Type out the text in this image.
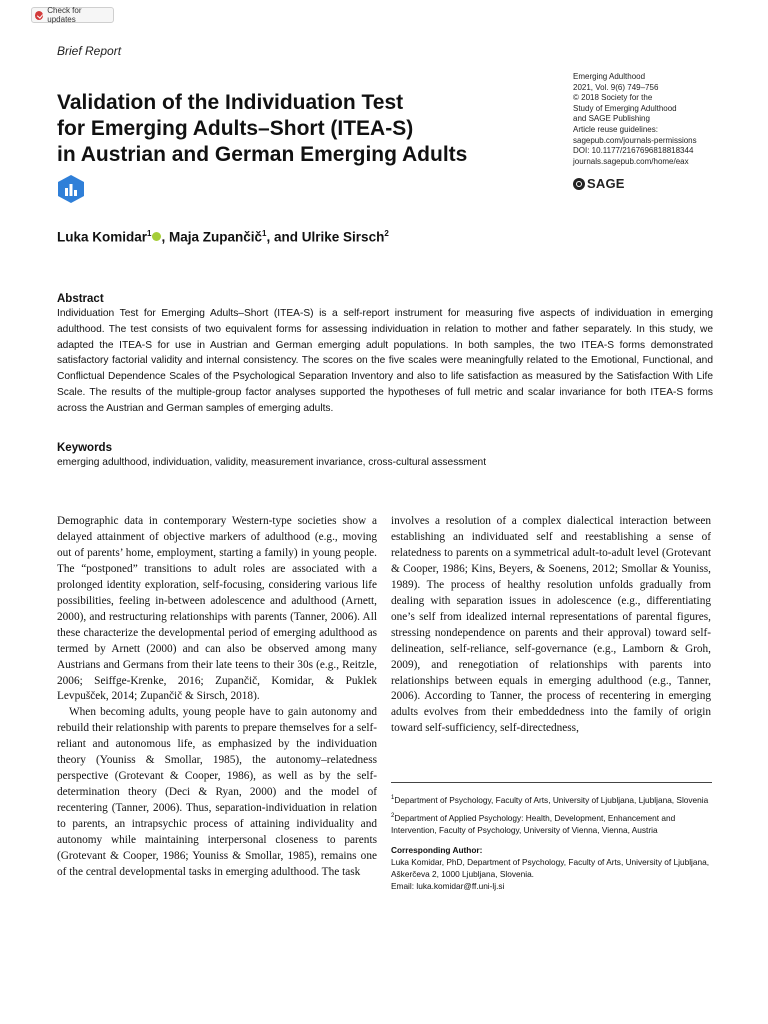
Check for updates
Brief Report
Validation of the Individuation Test
for Emerging Adults–Short (ITEA-S)
in Austrian and German Emerging Adults
Emerging Adulthood
2021, Vol. 9(6) 749–756
© 2018 Society for the
Study of Emerging Adulthood
and SAGE Publishing
Article reuse guidelines:
sagepub.com/journals-permissions
DOI: 10.1177/2167696818818344
journals.sagepub.com/home/eax
SAGE
Luka Komidar$^1$ , Maja Zupančič$^1$, and Ulrike Sirsch$^2$
Abstract
Individuation Test for Emerging Adults–Short (ITEA-S) is a self-report instrument for measuring five aspects of individuation in emerging adulthood. The test consists of two equivalent forms for assessing individuation in relation to mother and father separately. In this study, we adapted the ITEA-S for use in Austrian and German emerging adult populations. In both samples, the two ITEA-S forms demonstrated satisfactory factorial validity and internal consistency. The scores on the five scales were meaningfully related to the Emotional, Functional, and Conflictual Dependence Scales of the Psychological Separation Inventory and also to life satisfaction as measured by the Satisfaction With Life Scale. The results of the multiple-group factor analyses supported the hypotheses of full metric and scalar invariance for both ITEA-S forms across the Austrian and German samples of emerging adults.
Keywords
emerging adulthood, individuation, validity, measurement invariance, cross-cultural assessment

Demographic data in contemporary Western-type societies show a delayed attainment of objective markers of adulthood (e.g., moving out of parents’ home, employment, starting a family) in young people. The “postponed” transitions to adult roles are associated with a prolonged identity exploration, self-focusing, considering various life possibilities, feeling in-between adolescence and adulthood (Arnett, 2000), and restructuring relationships with parents (Tanner, 2006). All these characterize the developmental period of emerging adulthood as termed by Arnett (2000) and can also be observed among many Austrians and Germans from their late teens to their 30s (e.g., Reitzle, 2006; Seiffge-Krenke, 2016; Zupančič, Komidar, & Puklek Levpušček, 2014; Zupančič & Sirsch, 2018).

When becoming adults, young people have to gain autonomy and rebuild their relationship with parents to prepare themselves for a self-reliant and autonomous life, as emphasized by the individuation theory (Youniss & Smollar, 1985), the autonomy–relatedness perspective (Grotevant & Cooper, 1986), as well as by the self-determination theory (Deci & Ryan, 2000) and the model of recentering (Tanner, 2006). Thus, separation-individuation in relation to parents, an intrapsychic process of attaining individuality and autonomy while maintaining interpersonal closeness to parents (Grotevant & Cooper, 1986; Youniss & Smollar, 1985), remains one of the central developmental tasks in emerging adulthood. The task

involves a resolution of a complex dialectical interaction between establishing an individuated self and reestablishing a sense of relatedness to parents on a symmetrical adult-to-adult level (Grotevant & Cooper, 1986; Kins, Beyers, & Soenens, 2012; Smollar & Youniss, 1989). The process of healthy resolution unfolds gradually from dealing with separation issues in adolescence (e.g., differentiating one’s self from idealized internal representations of parental figures, stressing nondependence on parents and their approval) toward self-delineation, self-reliance, self-governance (e.g., Lamborn & Groh, 2009), and renegotiation of relationships with parents into relationships between equals in emerging adulthood (e.g., Tanner, 2006). According to Tanner, the process of recentering in emerging adults evolves from their embeddedness into the family of origin toward self-sufficiency, self-directedness,

$^1$Department of Psychology, Faculty of Arts, University of Ljubljana, Ljubljana, Slovenia

$^2$Department of Applied Psychology: Health, Development, Enhancement and Intervention, Faculty of Psychology, University of Vienna, Vienna, Austria

Corresponding Author:

Luka Komidar, PhD, Department of Psychology, Faculty of Arts, University of Ljubljana, Aškerčeva 2, 1000 Ljubljana, Slovenia.

Email: luka.komidar@ff.uni-lj.si
